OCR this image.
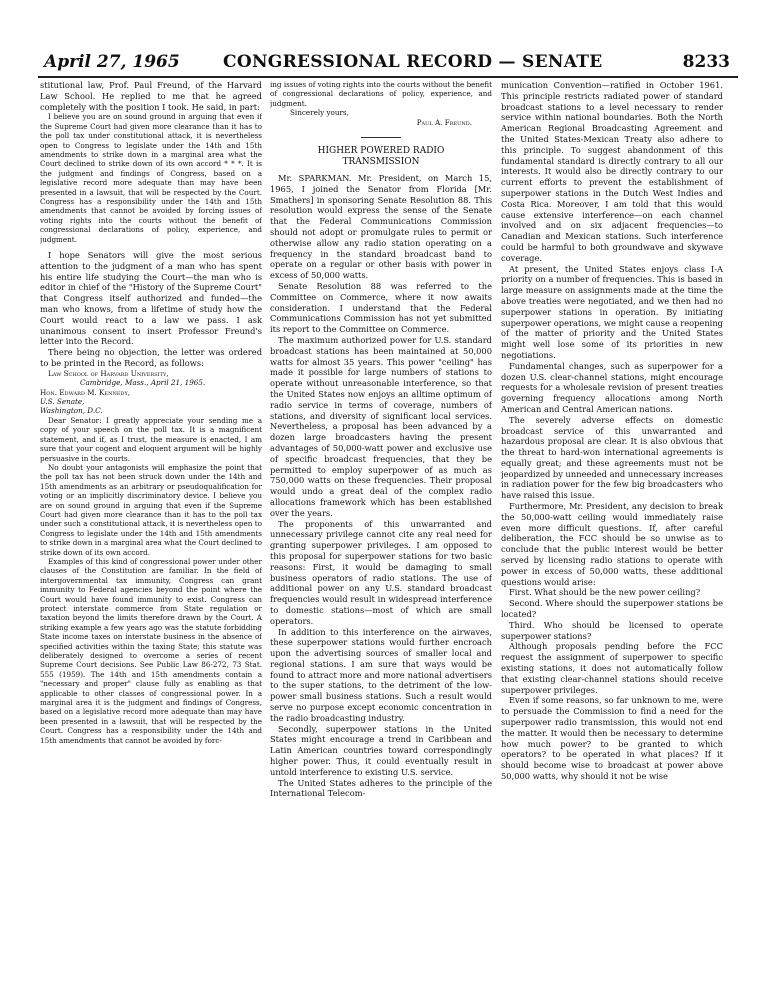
April 27, 1965	CONGRESSIONAL RECORD — SENATE	8233

stitutional law, Prof. Paul Freund, of the Harvard Law School. He replied to me that he agreed completely with the position I took. He said, in part:

I believe you are on sound ground in arguing that even if the Supreme Court had given more clearance than it has to the poll tax under constitutional attack, it is nevertheless open to Congress to legislate under the 14th and 15th amendments to strike down in a marginal area what the Court declined to strike down of its own accord * * *. It is the judgment and findings of Congress, based on a legislative record more adequate than may have been presented in a lawsuit, that will be respected by the Court. Congress has a responsibility under the 14th and 15th amendments that cannot be avoided by forcing issues of voting rights into the courts without the benefit of congressional declarations of policy, experience, and judgment.

I hope Senators will give the most serious attention to the judgment of a man who has spent his entire life studying the Court—the man who is editor in chief of the "History of the Supreme Court" that Congress itself authorized and funded—the man who knows, from a lifetime of study how the Court would react to a law we pass. I ask unanimous consent to insert Professor Freund's letter into the Record.

There being no objection, the letter was ordered to be printed in the Record, as follows:

Law School of Harvard University,

Cambridge, Mass., April 21, 1965.

Hon. Edward M. Kennedy,

U.S. Senate,

Washington, D.C.

Dear Senator: I greatly appreciate your sending me a copy of your speech on the poll tax. It is a magnificent statement, and if, as I trust, the measure is enacted, I am sure that your cogent and eloquent argument will be highly persuasive in the courts.

No doubt your antagonists will emphasize the point that the poll tax has not been struck down under the 14th and 15th amendments as an arbitrary or pseudoqualification for voting or an implicitly discriminatory device. I believe you are on sound ground in arguing that even if the Supreme Court had given more clearance than it has to the poll tax under such a constitutional attack, it is nevertheless open to Congress to legislate under the 14th and 15th amendments to strike down in a marginal area what the Court declined to strike down of its own accord.

Examples of this kind of congressional power under other clauses of the Constitution are familiar. In the field of intergovernmental tax immunity, Congress can grant immunity to Federal agencies beyond the point where the Court would have found immunity to exist. Congress can protect interstate commerce from State regulation or taxation beyond the limits therefore drawn by the Court. A striking example a few years ago was the statute forbidding State income taxes on interstate business in the absence of specified activities within the taxing State; this statute was deliberately designed to overcome a series of recent Supreme Court decisions. See Public Law 86-272, 73 Stat. 555 (1959). The 14th and 15th amendments contain a "necessary and proper" clause fully as enabling as that applicable to other classes of congressional power. In a marginal area it is the judgment and findings of Congress, based on a legislative record more adequate than may have been presented in a lawsuit, that will be respected by the Court. Congress has a responsibility under the 14th and 15th amendments that cannot be avoided by forc-

ing issues of voting rights into the courts without the benefit of congressional declarations of policy, experience, and judgment.

Sincerely yours,

Paul A. Freund.

HIGHER POWERED RADIO
TRANSMISSION

Mr. SPARKMAN. Mr. President, on March 15, 1965, I joined the Senator from Florida [Mr. Smathers] in sponsoring Senate Resolution 88. This resolution would express the sense of the Senate that the Federal Communications Commission should not adopt or promulgate rules to permit or otherwise allow any radio station operating on a frequency in the standard broadcast band to operate on a regular or other basis with power in excess of 50,000 watts.

Senate Resolution 88 was referred to the Committee on Commerce, where it now awaits consideration. I understand that the Federal Communications Commission has not yet submitted its report to the Committee on Commerce.

The maximum authorized power for U.S. standard broadcast stations has been maintained at 50,000 watts for almost 35 years. This power "ceiling" has made it possible for large numbers of stations to operate without unreasonable interference, so that the United States now enjoys an alltime optimum of radio service in terms of coverage, numbers of stations, and diversity of significant local services. Nevertheless, a proposal has been advanced by a dozen large broadcasters having the present advantages of 50,000-watt power and exclusive use of specific broadcast frequencies, that they be permitted to employ superpower of as much as 750,000 watts on these frequencies. Their proposal would undo a great deal of the complex radio allocations framework which has been established over the years.

The proponents of this unwarranted and unnecessary privilege cannot cite any real need for granting superpower privileges. I am opposed to this proposal for superpower stations for two basic reasons: First, it would be damaging to small business operators of radio stations. The use of additional power on any U.S. standard broadcast frequencies would result in widespread interference to domestic stations—most of which are small operators.

In addition to this interference on the airwaves, these superpower stations would further encroach upon the advertising sources of smaller local and regional stations. I am sure that ways would be found to attract more and more national advertisers to the super stations, to the detriment of the low-power small business stations. Such a result would serve no purpose except economic concentration in the radio broadcasting industry.

Secondly, superpower stations in the United States might encourage a trend in Caribbean and Latin American countries toward correspondingly higher power. Thus, it could eventually result in untold interference to existing U.S. service.

The United States adheres to the principle of the International Telecom-

munication Convention—ratified in October 1961. This principle restricts radiated power of standard broadcast stations to a level necessary to render service within national boundaries. Both the North American Regional Broadcasting Agreement and the United States-Mexican Treaty also adhere to this principle. To suggest abandonment of this fundamental standard is directly contrary to all our interests. It would also be directly contrary to our current efforts to prevent the establishment of superpower stations in the Dutch West Indies and Costa Rica. Moreover, I am told that this would cause extensive interference—on each channel involved and on six adjacent frequencies—to Canadian and Mexican stations. Such interference could be harmful to both groundwave and skywave coverage.

At present, the United States enjoys class I-A priority on a number of frequencies. This is based in large measure on assignments made at the time the above treaties were negotiated, and we then had no superpower stations in operation. By initiating superpower operations, we might cause a reopening of the matter of priority and the United States might well lose some of its priorities in new negotiations.

Fundamental changes, such as superpower for a dozen U.S. clear-channel stations, might encourage requests for a wholesale revision of present treaties governing frequency allocations among North American and Central American nations.

The severely adverse effects on domestic broadcast service of this unwarranted and hazardous proposal are clear. It is also obvious that the threat to hard-won international agreements is equally great; and these agreements must not be jeopardized by unneeded and unnecessary increases in radiation power for the few big broadcasters who have raised this issue.

Furthermore, Mr. President, any decision to break the 50,000-watt ceiling would immediately raise even more difficult questions. If, after careful deliberation, the FCC should be so unwise as to conclude that the public interest would be better served by licensing radio stations to operate with power in excess of 50,000 watts, these additional questions would arise:

First. What should be the new power ceiling?

Second. Where should the superpower stations be located?

Third. Who should be licensed to operate superpower stations?

Although proposals pending before the FCC request the assignment of superpower to specific existing stations, it does not automatically follow that existing clear-channel stations should receive superpower privileges.

Even if some reasons, so far unknown to me, were to persuade the Commission to find a need for the superpower radio transmission, this would not end the matter. It would then be necessary to determine how much power? to be granted to which operators? to be operated in what places? If it should become wise to broadcast at power above 50,000 watts, why should it not be wise
